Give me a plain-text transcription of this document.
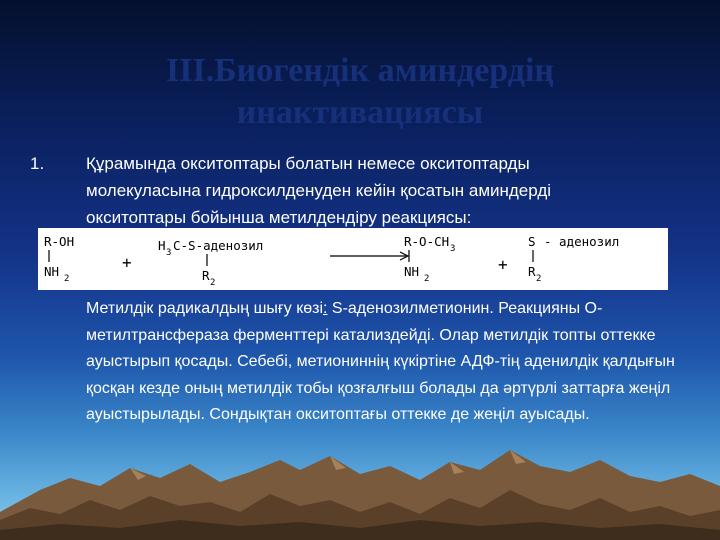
ІІІ.Биогендік аминдердің
инактивациясы
1. Құрамында окситоптары болатын немесе окситоптарды молекуласына гидроксилденуден кейін қосатын аминдерді окситоптары бойынша метилдендіру реакциясы:
R-OH
NH 2
+
H 3 C-S-аденозил
R 2
R-O-CH 3
NH 2
+
S - аденозил
R 2

Метилдік радикалдың шығу көзі: S-аденозилметионин. Реакцияны О-метилтрансфераза ферменттері катализдейді. Олар метилдік топты оттекке ауыстырып қосады. Себебі, метиониннің күкіртіне АДФ-тің аденилдік қалдығын қосқан кезде оның метилдік тобы қозғалғыш болады да әртүрлі заттарға жеңіл ауыстырылады. Сондықтан окситоптағы оттекке де жеңіл ауысады.
